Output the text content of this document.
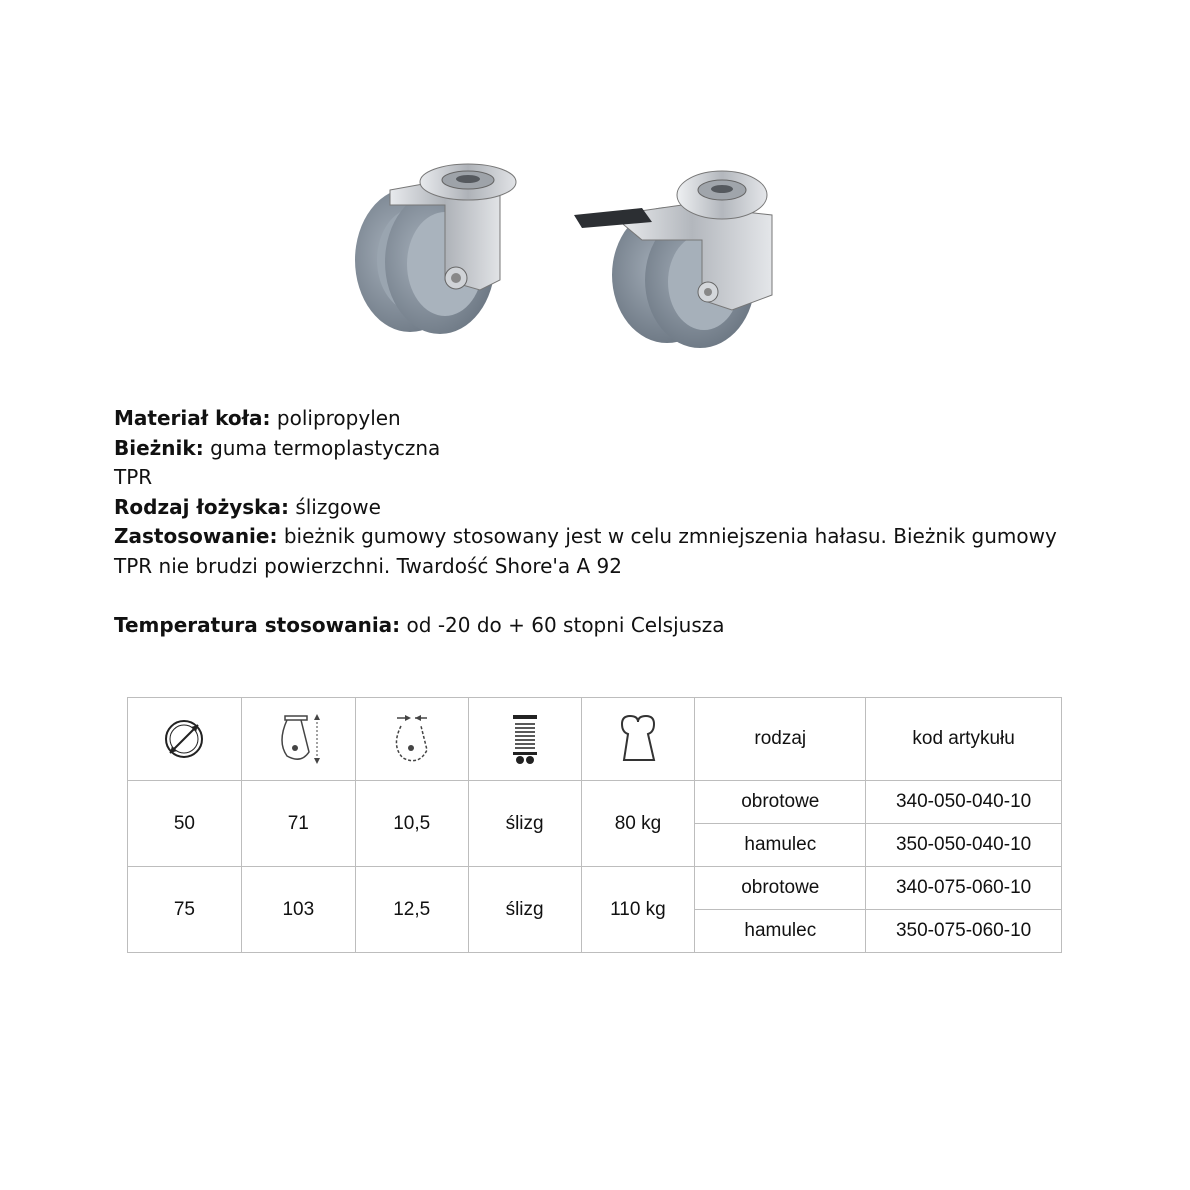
Materiał koła: polipropylen

Bieżnik: guma termoplastyczna

TPR

Rodzaj łożyska: ślizgowe

Zastosowanie: bieżnik gumowy stosowany jest w celu zmniejszenia hałasu. Bieżnik gumowy TPR nie brudzi powierzchni. Twardość Shore'a A 92

Temperatura stosowania: od -20 do + 60 stopni Celsjusza

					rodzaj	kod artykułu
50	71	10,5	ślizg	80 kg	obrotowe	340-050-040-10
					hamulec	350-050-040-10
75	103	12,5	ślizg	110 kg	obrotowe	340-075-060-10
					hamulec	350-075-060-10
